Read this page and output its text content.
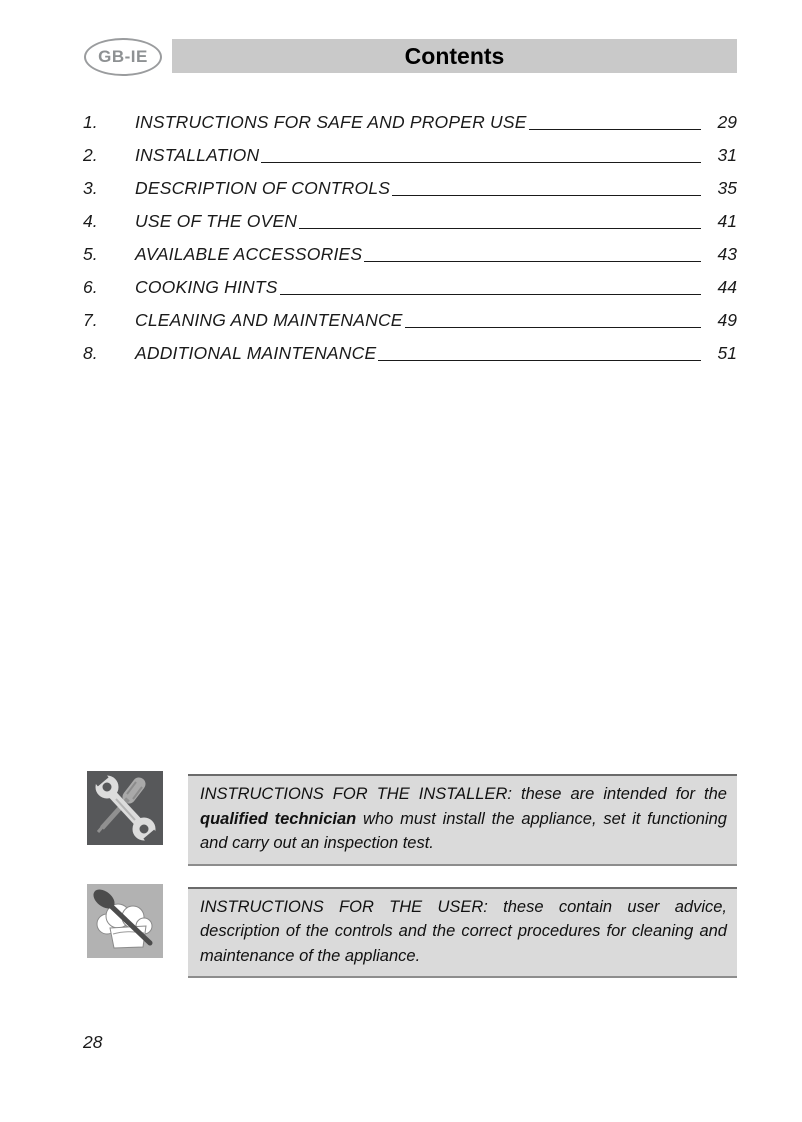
GB-IE	Contents
1.	INSTRUCTIONS FOR SAFE AND PROPER USE	29
2.	INSTALLATION	31
3.	DESCRIPTION OF CONTROLS	35
4.	USE OF THE OVEN	41
5.	AVAILABLE ACCESSORIES	43
6.	COOKING HINTS	44
7.	CLEANING AND MAINTENANCE	49
8.	ADDITIONAL MAINTENANCE	51
INSTRUCTIONS FOR THE INSTALLER: these are intended for the qualified technician who must install the appliance, set it functioning and carry out an inspection test.
INSTRUCTIONS FOR THE USER: these contain user advice, description of the controls and the correct procedures for cleaning and maintenance of the appliance.
28
